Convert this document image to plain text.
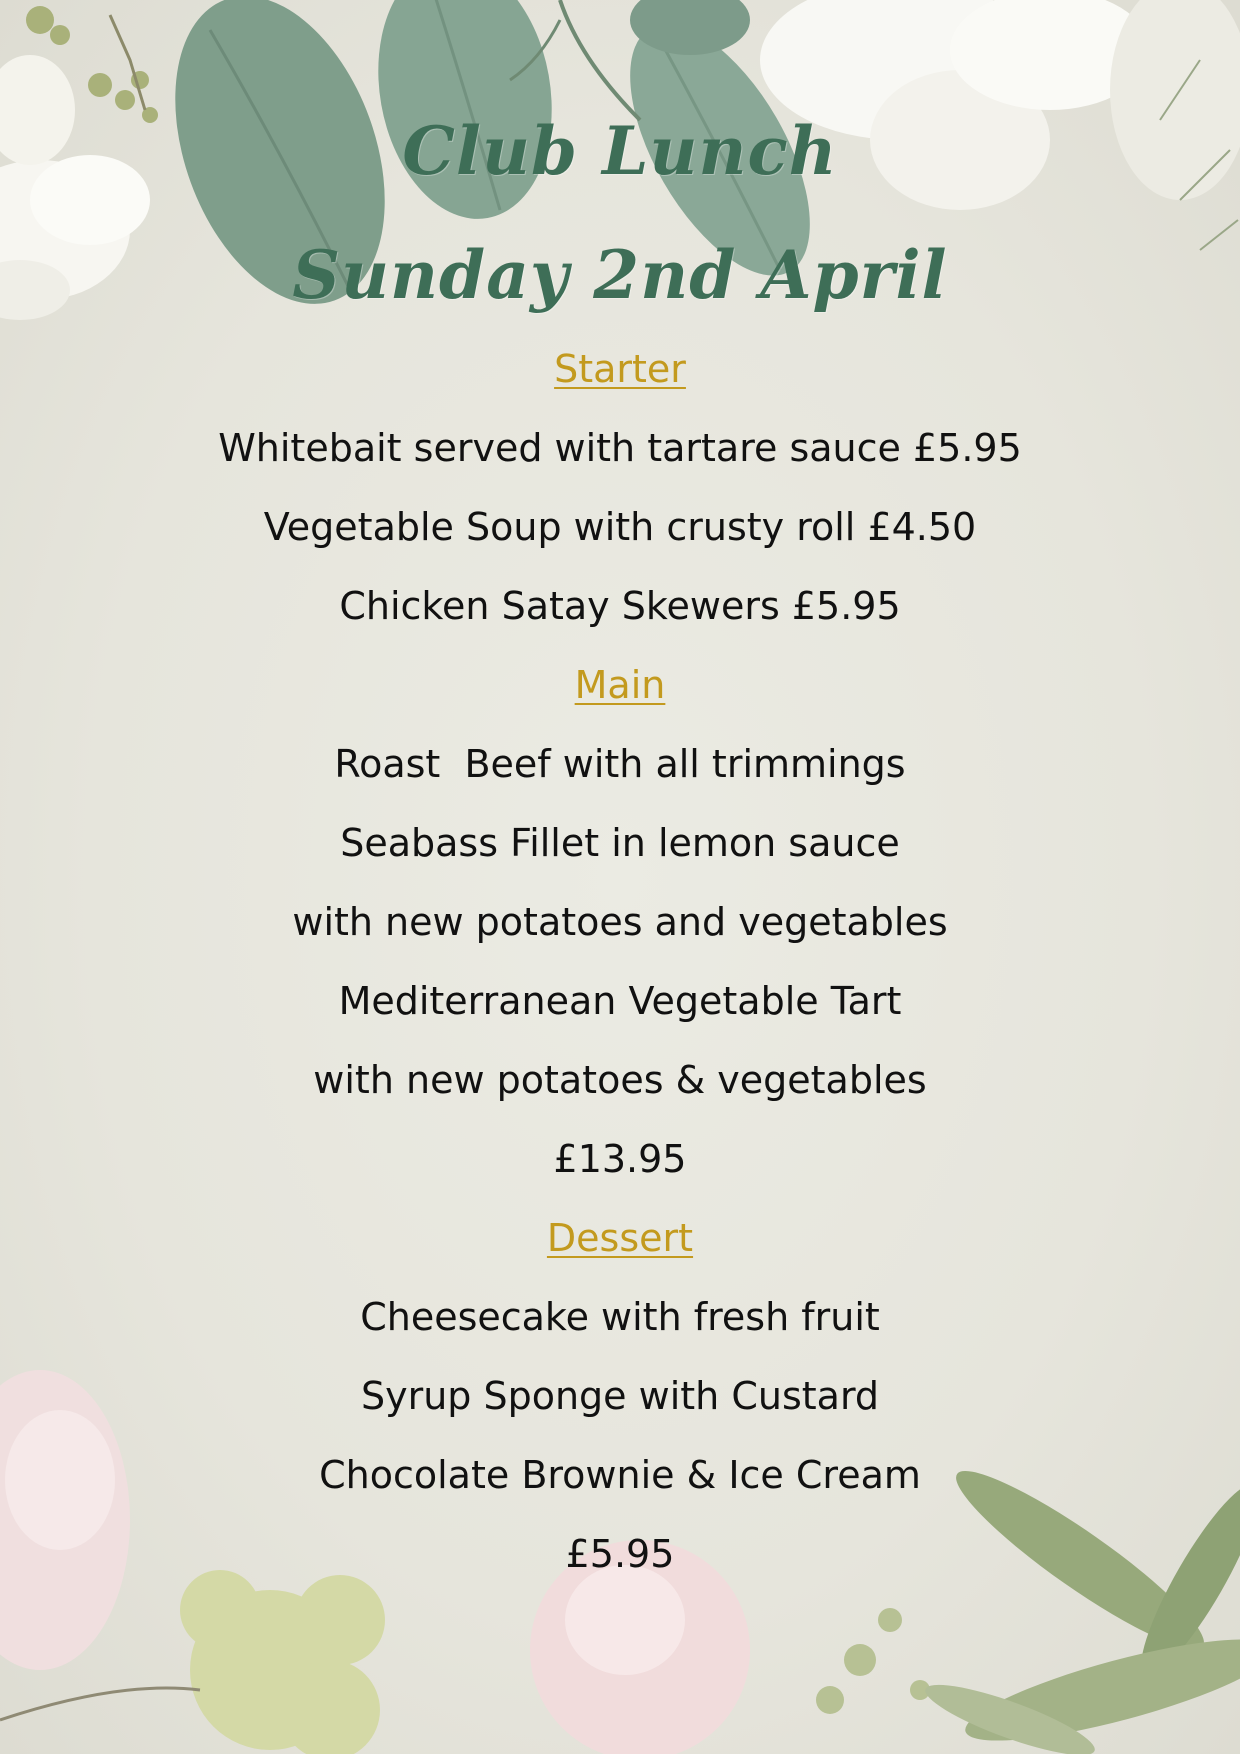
Club Lunch
Sunday 2nd April
Starter
Whitebait served with tartare sauce £5.95
Vegetable Soup with crusty roll £4.50
Chicken Satay Skewers £5.95
Main
Roast  Beef with all trimmings
Seabass Fillet in lemon sauce
with new potatoes and vegetables
Mediterranean Vegetable Tart
with new potatoes & vegetables
£13.95
Dessert
Cheesecake with fresh fruit
Syrup Sponge with Custard
Chocolate Brownie & Ice Cream
£5.95
